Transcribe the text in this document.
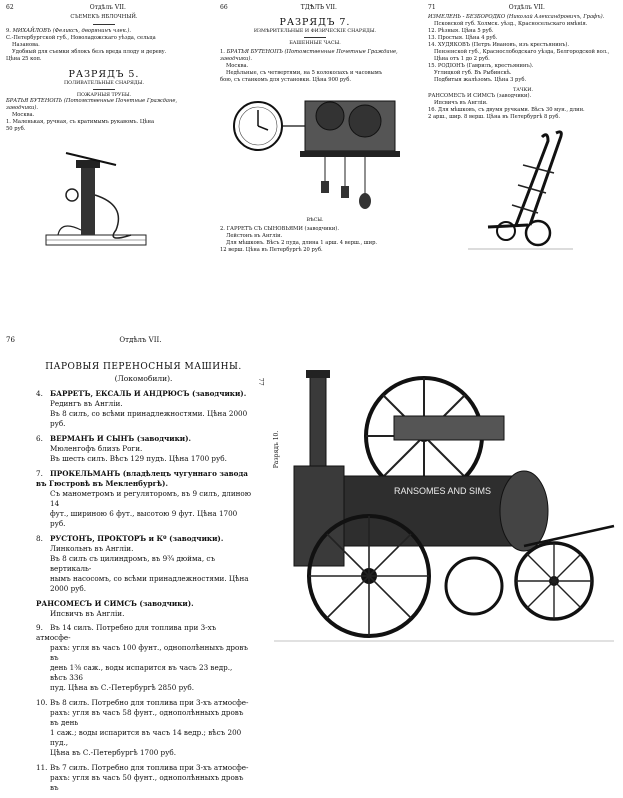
62	Отдѣлъ VII.

СЪЕМЕКЪ ЯБЛОЧНЫЙ.

9. МИХАЙЛОВЪ (Феликсъ, дворянинъ члек.).

С.-Петербургской губ., Новоладожскаго уѣзда, сельца

Назанова.

Удобный для съемки яблокъ безъ вреда плоду и дереву.

Цѣна 25 коп.

РАЗРЯДЪ 5.
ПОЛИВАТЕЛЬНЫЕ СНАРЯДЫ.
ПОЖАРНЫЯ ТРУБЫ.

БРАТЬЯ БУТЕНОПЪ (Потомственные Почетные Граждане, заводчики).

Москва.

1. Маленькая, ручная, съ кратимымъ рукавомъ. Цѣна

50 руб.

66	ТДѢЛЪ VII.
РАЗРЯДЪ 7.
ИЗМѢРИТЕЛЬНЫЕ И ФИЗИЧЕСКІЕ СНАРЯДЫ.
БАШЕННЫЕ ЧАСЫ.

1. БРАТЬЯ БУТЕНОПЪ (Потомственные Почетные Граждане, заводчики).

Москва.

Недѣльные, съ четвертями, на 5 колоколахъ и часовымъ

бою, съ станкомъ для установки. Цѣна 900 руб.

ВѢСЫ.

2. ГАРРЕТЪ СЪ СЫНОВЬЯМИ (заводчики).

Лейстонъ въ Англіи.

Для мѣшковъ. Вѣсъ 2 пуда, длина 1 арш. 4 верш., шир.

12 верш. Цѣна въ Петербургѣ 20 руб.

71	Отдѣлъ VII.

ИЗМЕЛЕНЬ - БЕЗБОРОДКО (Николай Александровичъ, Графъ).

Псковской губ. Холмск. уѣзд., Красносельскаго имѣнія.

12. Рѣзныя. Цѣна 5 руб.

13. Простыя. Цѣна 4 руб.

14. ХУДЯКОВЪ (Петръ Ивановъ, изъ крестьянинъ).

Пензенской губ., Краснослободскаго уѣзда, Белгородской вол.,

Цѣна отъ 1 до 2 руб.

15. РОДІОНЪ (Гаврилъ, крестьянинъ).

Углицкой губ. Въ Рыбинскѣ.

Подбитыя жалѣзомъ. Цѣна 3 руб.

ТАЧКИ.

РАНСОМЕСЪ И СИМСЪ (заводчики).

Ипсвичъ въ Англіи.

16. Для мѣшковъ, съ двумя ручками. Вѣсъ 30 мун., длин.

2 арш., шир. 8 верш. Цѣна въ Петербургѣ 8 руб.

76	Отдѣлъ VII.
ПАРОВЫЯ ПЕРЕНОСНЫЯ МАШИНЫ.
(Локомобили).

4. БАРРЕТЪ, ЕКСАЛЬ И АНДРЮСЪ (заводчики).

Редингъ въ Англіи.

Въ 8 силъ, со всѣми принадлежностями. Цѣна 2000 руб.

6. ВЕРМАНЪ И СЫНЪ (заводчики).

Мюленгофъ близъ Роги.

Въ шесть силъ. Вѣсъ 129 пудъ. Цѣна 1700 руб.

7. ПРОКЕЛЬМАНЪ (владѣлецъ чугуннаго завода въ Гюстровѣ въ Мекленбургѣ).

Съ манометромъ и регуляторомъ, въ 9 силъ, длиною 14

фут., шириною 6 фут., высотою 9 фут. Цѣна 1700 руб.

8. РУСТОНЪ, ПРОКТОРЪ и Кº (заводчики).

Линкольнъ въ Англіи.

Въ 8 силъ съ цилиндромъ, въ 9¾ дюйма, съ вертикаль-

нымъ насосомъ, со всѣми принадлежностями. Цѣна 2000 руб.

РАНСОМЕСЪ И СИМСЪ (заводчики).

Ипсвичъ въ Англіи.

9. Въ 14 силъ. Потребно для топлива при 3-хъ атмосфе-

рахъ: угля въ часъ 100 фунт., однополѣнныхъ дровъ въ

день 1⅜ саж., воды испарится въ часъ 23 ведр., вѣсъ 336

пуд. Цѣна въ С.-Петербургѣ 2850 руб.

10. Въ 8 силъ. Потребно для топлива при 3-хъ атмосфе-

рахъ: угля въ часъ 58 фунт., однополѣнныхъ дровъ въ день

1 саж.; воды испарится въ часъ 14 ведр.; вѣсъ 200 пуд.,

Цѣна въ С.-Петербургѣ 1700 руб.

11. Въ 7 силъ. Потребно для топлива при 3-хъ атмосфе-

рахъ: угля въ часъ 50 фунт., однополѣнныхъ дровъ въ

Разрядъ 10.
77
RANSOMES AND SIMS
